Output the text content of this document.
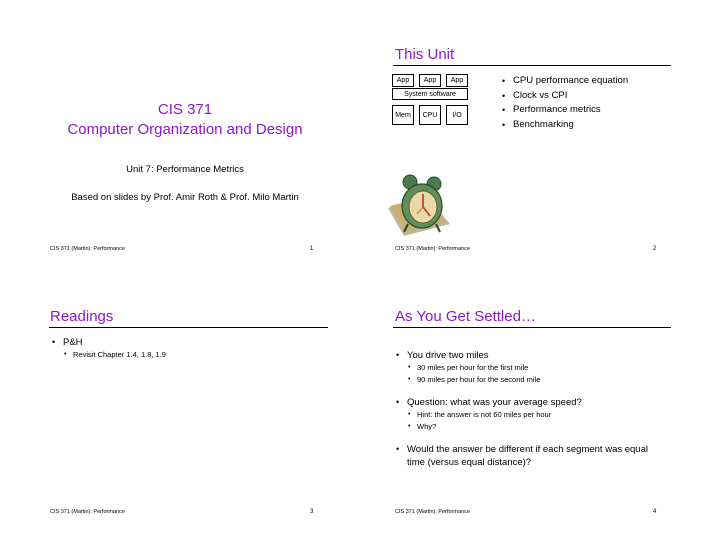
CIS 371
Computer Organization and Design
Unit 7: Performance Metrics
Based on slides by Prof. Amir Roth & Prof. Milo Martin
CIS 371 (Martin): Performance	1
This Unit
App	App	App
System software
Mem	CPU	I/O
• CPU performance equation
• Clock vs CPI
• Performance metrics
• Benchmarking
CIS 371 (Martin): Performance	2
Readings
• P&H
• Revisit Chapter 1.4, 1.8, 1.9
CIS 371 (Martin): Performance	3
As You Get Settled…
• You drive two miles
• 30 miles per hour for the first mile
• 90 miles per hour for the second mile
• Question: what was your average speed?
• Hint: the answer is not 60 miles per hour
• Why?
• Would the answer be different if each segment was equal
time (versus equal distance)?
CIS 371 (Martin): Performance	4
